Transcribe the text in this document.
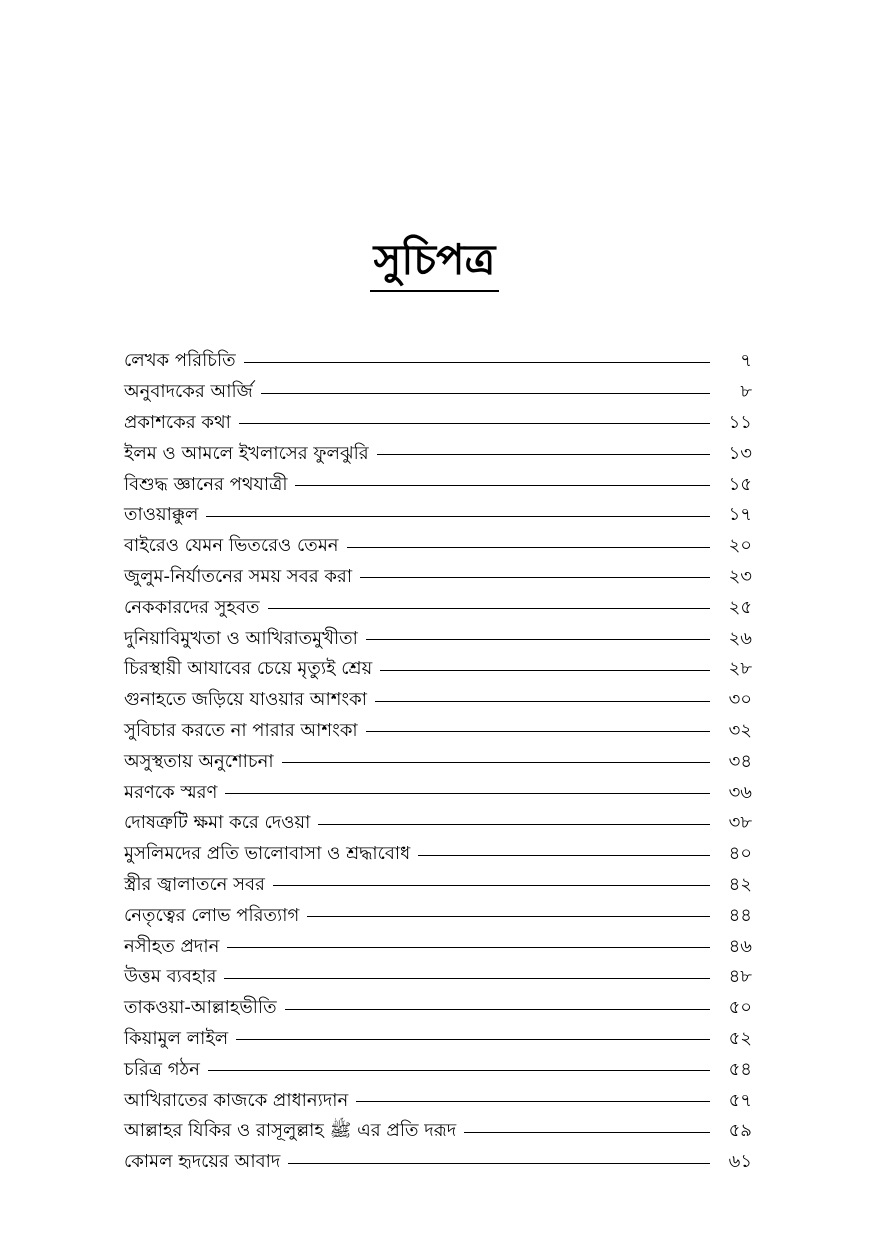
সুচিপত্র
লেখক পরিচিতি	৭
অনুবাদকের আর্জি	৮
প্রকাশকের কথা	১১
ইলম ও আমলে ইখলাসের ফুলঝুরি	১৩
বিশুদ্ধ জ্ঞানের পথযাত্রী	১৫
তাওয়াক্কুল	১৭
বাইরেও যেমন ভিতরেও তেমন	২০
জুলুম-নির্যাতনের সময় সবর করা	২৩
নেককারদের সুহবত	২৫
দুনিয়াবিমুখতা ও আখিরাতমুখীতা	২৬
চিরস্থায়ী আযাবের চেয়ে মৃত্যুই শ্রেয়	২৮
গুনাহতে জড়িয়ে যাওয়ার আশংকা	৩০
সুবিচার করতে না পারার আশংকা	৩২
অসুস্থতায় অনুশোচনা	৩৪
মরণকে স্মরণ	৩৬
দোষত্রুটি ক্ষমা করে দেওয়া	৩৮
মুসলিমদের প্রতি ভালোবাসা ও শ্রদ্ধাবোধ	৪০
স্ত্রীর জ্বালাতনে সবর	৪২
নেতৃত্বের লোভ পরিত্যাগ	৪৪
নসীহত প্রদান	৪৬
উত্তম ব্যবহার	৪৮
তাকওয়া-আল্লাহভীতি	৫০
কিয়ামুল লাইল	৫২
চরিত্র গঠন	৫৪
আখিরাতের কাজকে প্রাধান্যদান	৫৭
আল্লাহর যিকির ও রাসূলুল্লাহ ﷺ এর প্রতি দরূদ	৫৯
কোমল হৃদয়ের আবাদ	৬১
